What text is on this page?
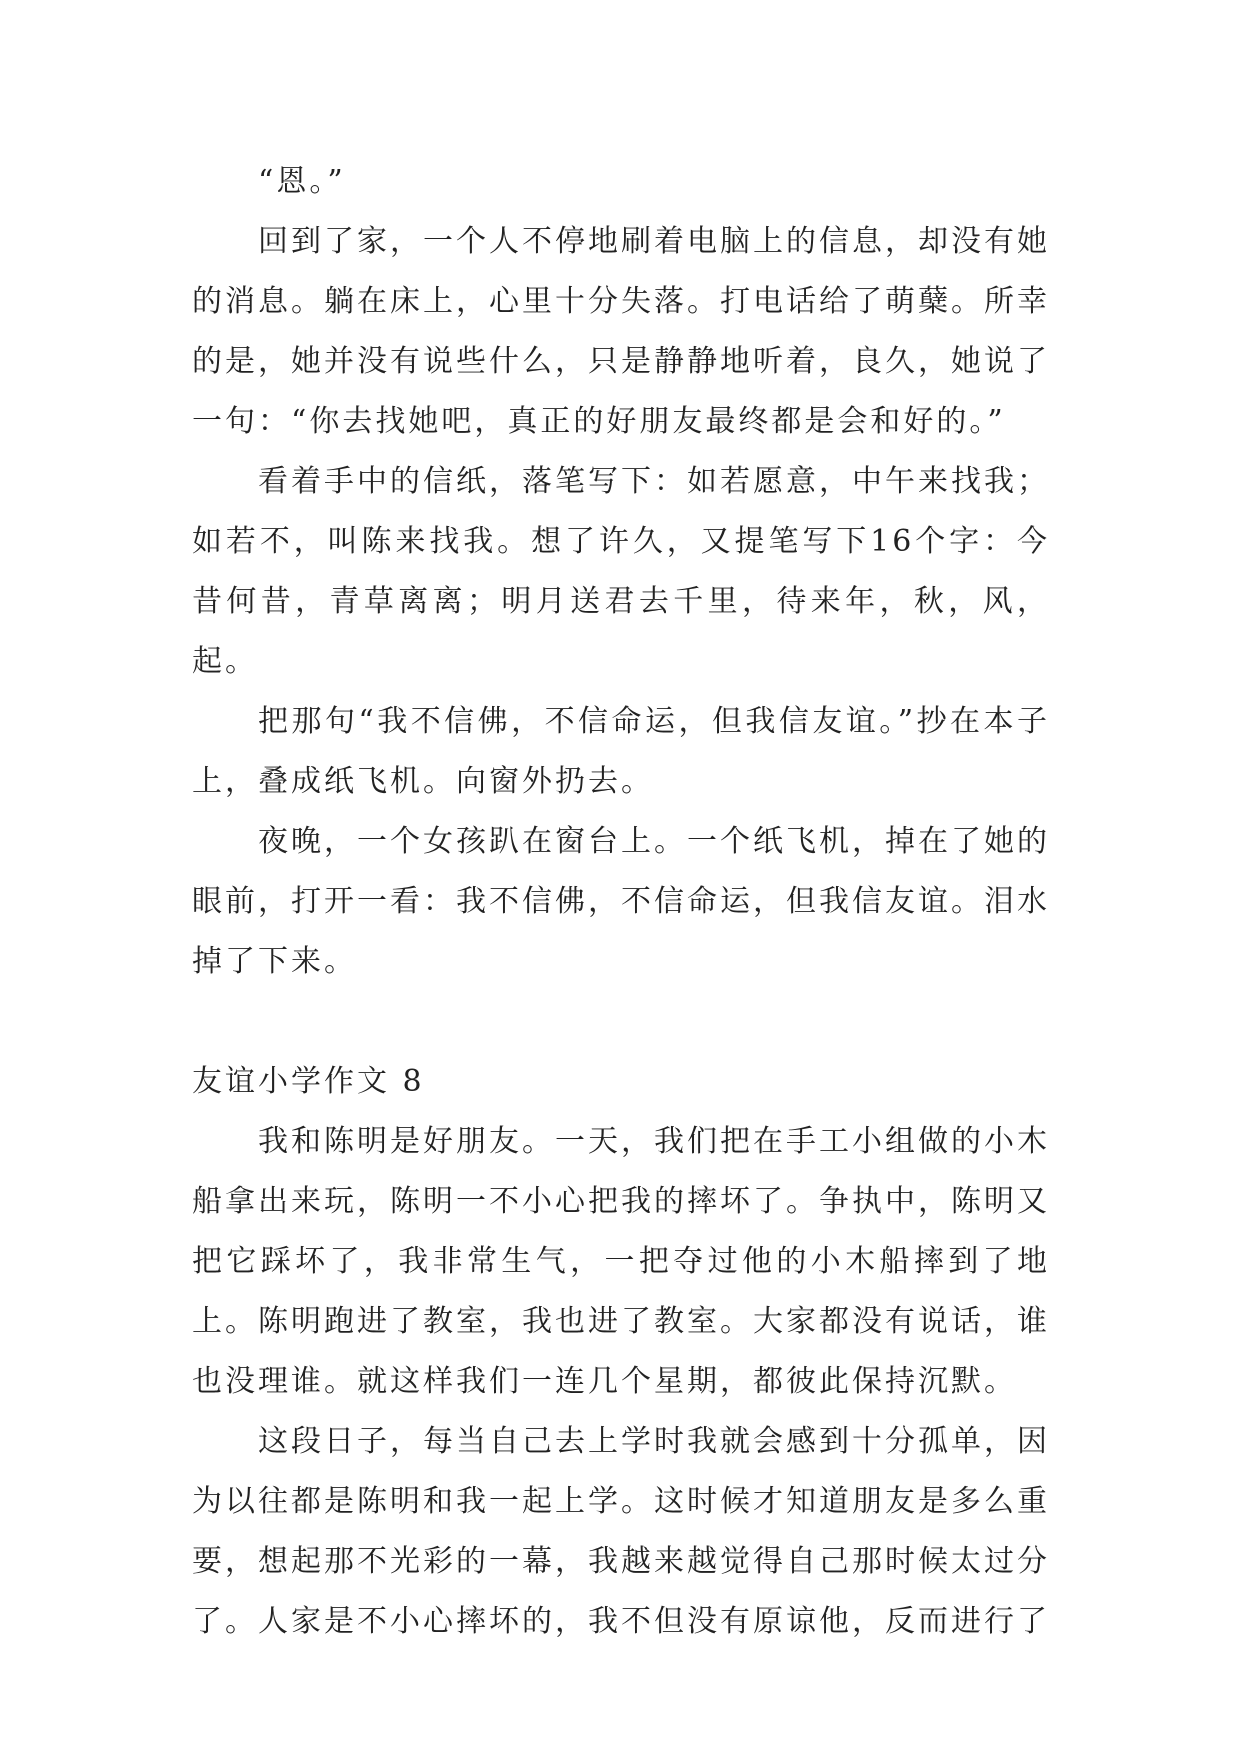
“恩。”

回到了家，一个人不停地刷着电脑上的信息，却没有她的消息。躺在床上，心里十分失落。打电话给了萌蘖。所幸的是，她并没有说些什么，只是静静地听着，良久，她说了一句：“你去找她吧，真正的好朋友最终都是会和好的。”

看着手中的信纸，落笔写下：如若愿意，中午来找我；如若不，叫陈来找我。想了许久，又提笔写下16个字：今昔何昔，青草离离；明月送君去千里，待来年，秋，风，起。

把那句“我不信佛，不信命运，但我信友谊。”抄在本子上，叠成纸飞机。向窗外扔去。

夜晚，一个女孩趴在窗台上。一个纸飞机，掉在了她的眼前，打开一看：我不信佛，不信命运，但我信友谊。泪水掉了下来。

友谊小学作文 8

我和陈明是好朋友。一天，我们把在手工小组做的小木船拿出来玩，陈明一不小心把我的摔坏了。争执中，陈明又把它踩坏了，我非常生气，一把夺过他的小木船摔到了地上。陈明跑进了教室，我也进了教室。大家都没有说话，谁也没理谁。就这样我们一连几个星期，都彼此保持沉默。

这段日子，每当自己去上学时我就会感到十分孤单，因为以往都是陈明和我一起上学。这时候才知道朋友是多么重要，想起那不光彩的一幕，我越来越觉得自己那时候太过分了。人家是不小心摔坏的，我不但没有原谅他，反而进行了
